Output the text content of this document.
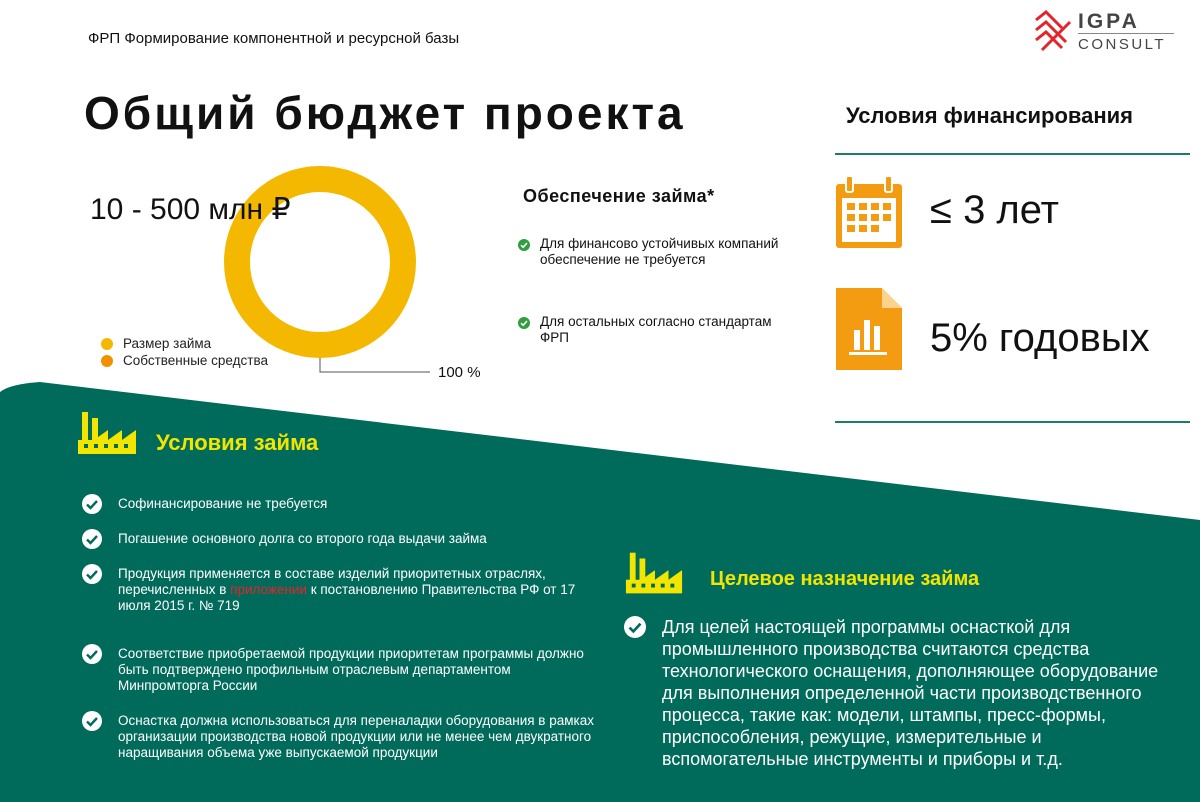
ФРП Формирование компонентной и ресурсной базы
IGPA
CONSULT
Общий бюджет проекта
10 - 500 млн ₽
Размер займа
Собственные средства
100 %
Обеспечение займа*
Для финансово устойчивых компаний обеспечение не требуется
Для остальных согласно стандартам ФРП
Условия финансирования
≤ 3 лет
5% годовых
Условия займа
Софинансирование не требуется
Погашение основного долга со второго года выдачи займа
Продукция применяется в составе изделий приоритетных отраслях, перечисленных в приложении к постановлению Правительства РФ от 17 июля 2015 г. № 719
Соответствие приобретаемой продукции приоритетам программы должно быть подтверждено профильным отраслевым департаментом Минпромторга России
Оснастка должна использоваться для переналадки оборудования в рамках организации производства новой продукции или не менее чем двукратного наращивания объема уже выпускаемой продукции
Целевое назначение займа
Для целей настоящей программы оснасткой для промышленного производства считаются средства технологического оснащения, дополняющее оборудование для выполнения определенной части производственного процесса, такие как: модели, штампы, пресс-формы, приспособления, режущие, измерительные и вспомогательные инструменты и приборы и т.д.
